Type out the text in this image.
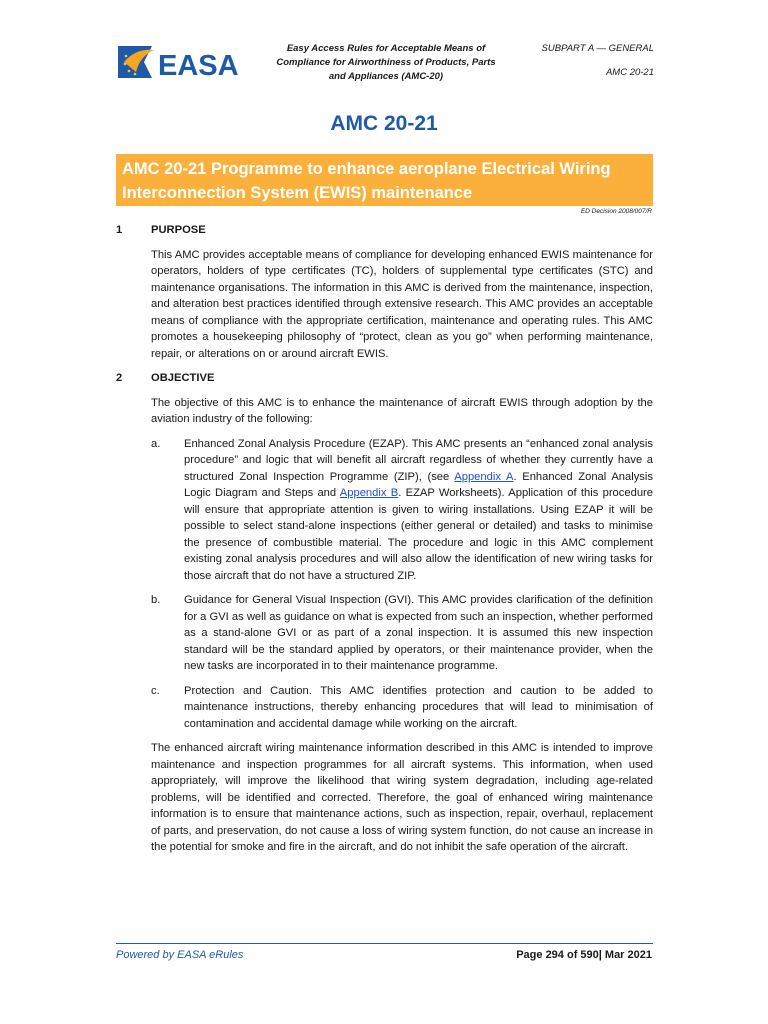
EASA
Easy Access Rules for Acceptable Means of Compliance for Airworthiness of Products, Parts and Appliances (AMC-20)
SUBPART A — GENERAL
AMC 20-21
AMC 20-21
AMC 20-21 Programme to enhance aeroplane Electrical Wiring Interconnection System (EWIS) maintenance
ED Decision 2008/007/R
1	PURPOSE
This AMC provides acceptable means of compliance for developing enhanced EWIS maintenance for operators, holders of type certificates (TC), holders of supplemental type certificates (STC) and maintenance organisations. The information in this AMC is derived from the maintenance, inspection, and alteration best practices identified through extensive research. This AMC provides an acceptable means of compliance with the appropriate certification, maintenance and operating rules. This AMC promotes a housekeeping philosophy of “protect, clean as you go” when performing maintenance, repair, or alterations on or around aircraft EWIS.
2	OBJECTIVE
The objective of this AMC is to enhance the maintenance of aircraft EWIS through adoption by the aviation industry of the following:
a. Enhanced Zonal Analysis Procedure (EZAP). This AMC presents an “enhanced zonal analysis procedure” and logic that will benefit all aircraft regardless of whether they currently have a structured Zonal Inspection Programme (ZIP), (see Appendix A. Enhanced Zonal Analysis Logic Diagram and Steps and Appendix B. EZAP Worksheets). Application of this procedure will ensure that appropriate attention is given to wiring installations. Using EZAP it will be possible to select stand-alone inspections (either general or detailed) and tasks to minimise the presence of combustible material. The procedure and logic in this AMC complement existing zonal analysis procedures and will also allow the identification of new wiring tasks for those aircraft that do not have a structured ZIP.
b. Guidance for General Visual Inspection (GVI). This AMC provides clarification of the definition for a GVI as well as guidance on what is expected from such an inspection, whether performed as a stand-alone GVI or as part of a zonal inspection. It is assumed this new inspection standard will be the standard applied by operators, or their maintenance provider, when the new tasks are incorporated in to their maintenance programme.
c. Protection and Caution. This AMC identifies protection and caution to be added to maintenance instructions, thereby enhancing procedures that will lead to minimisation of contamination and accidental damage while working on the aircraft.
The enhanced aircraft wiring maintenance information described in this AMC is intended to improve maintenance and inspection programmes for all aircraft systems. This information, when used appropriately, will improve the likelihood that wiring system degradation, including age-related problems, will be identified and corrected. Therefore, the goal of enhanced wiring maintenance information is to ensure that maintenance actions, such as inspection, repair, overhaul, replacement of parts, and preservation, do not cause a loss of wiring system function, do not cause an increase in the potential for smoke and fire in the aircraft, and do not inhibit the safe operation of the aircraft.
Powered by EASA eRules	Page 294 of 590| Mar 2021
